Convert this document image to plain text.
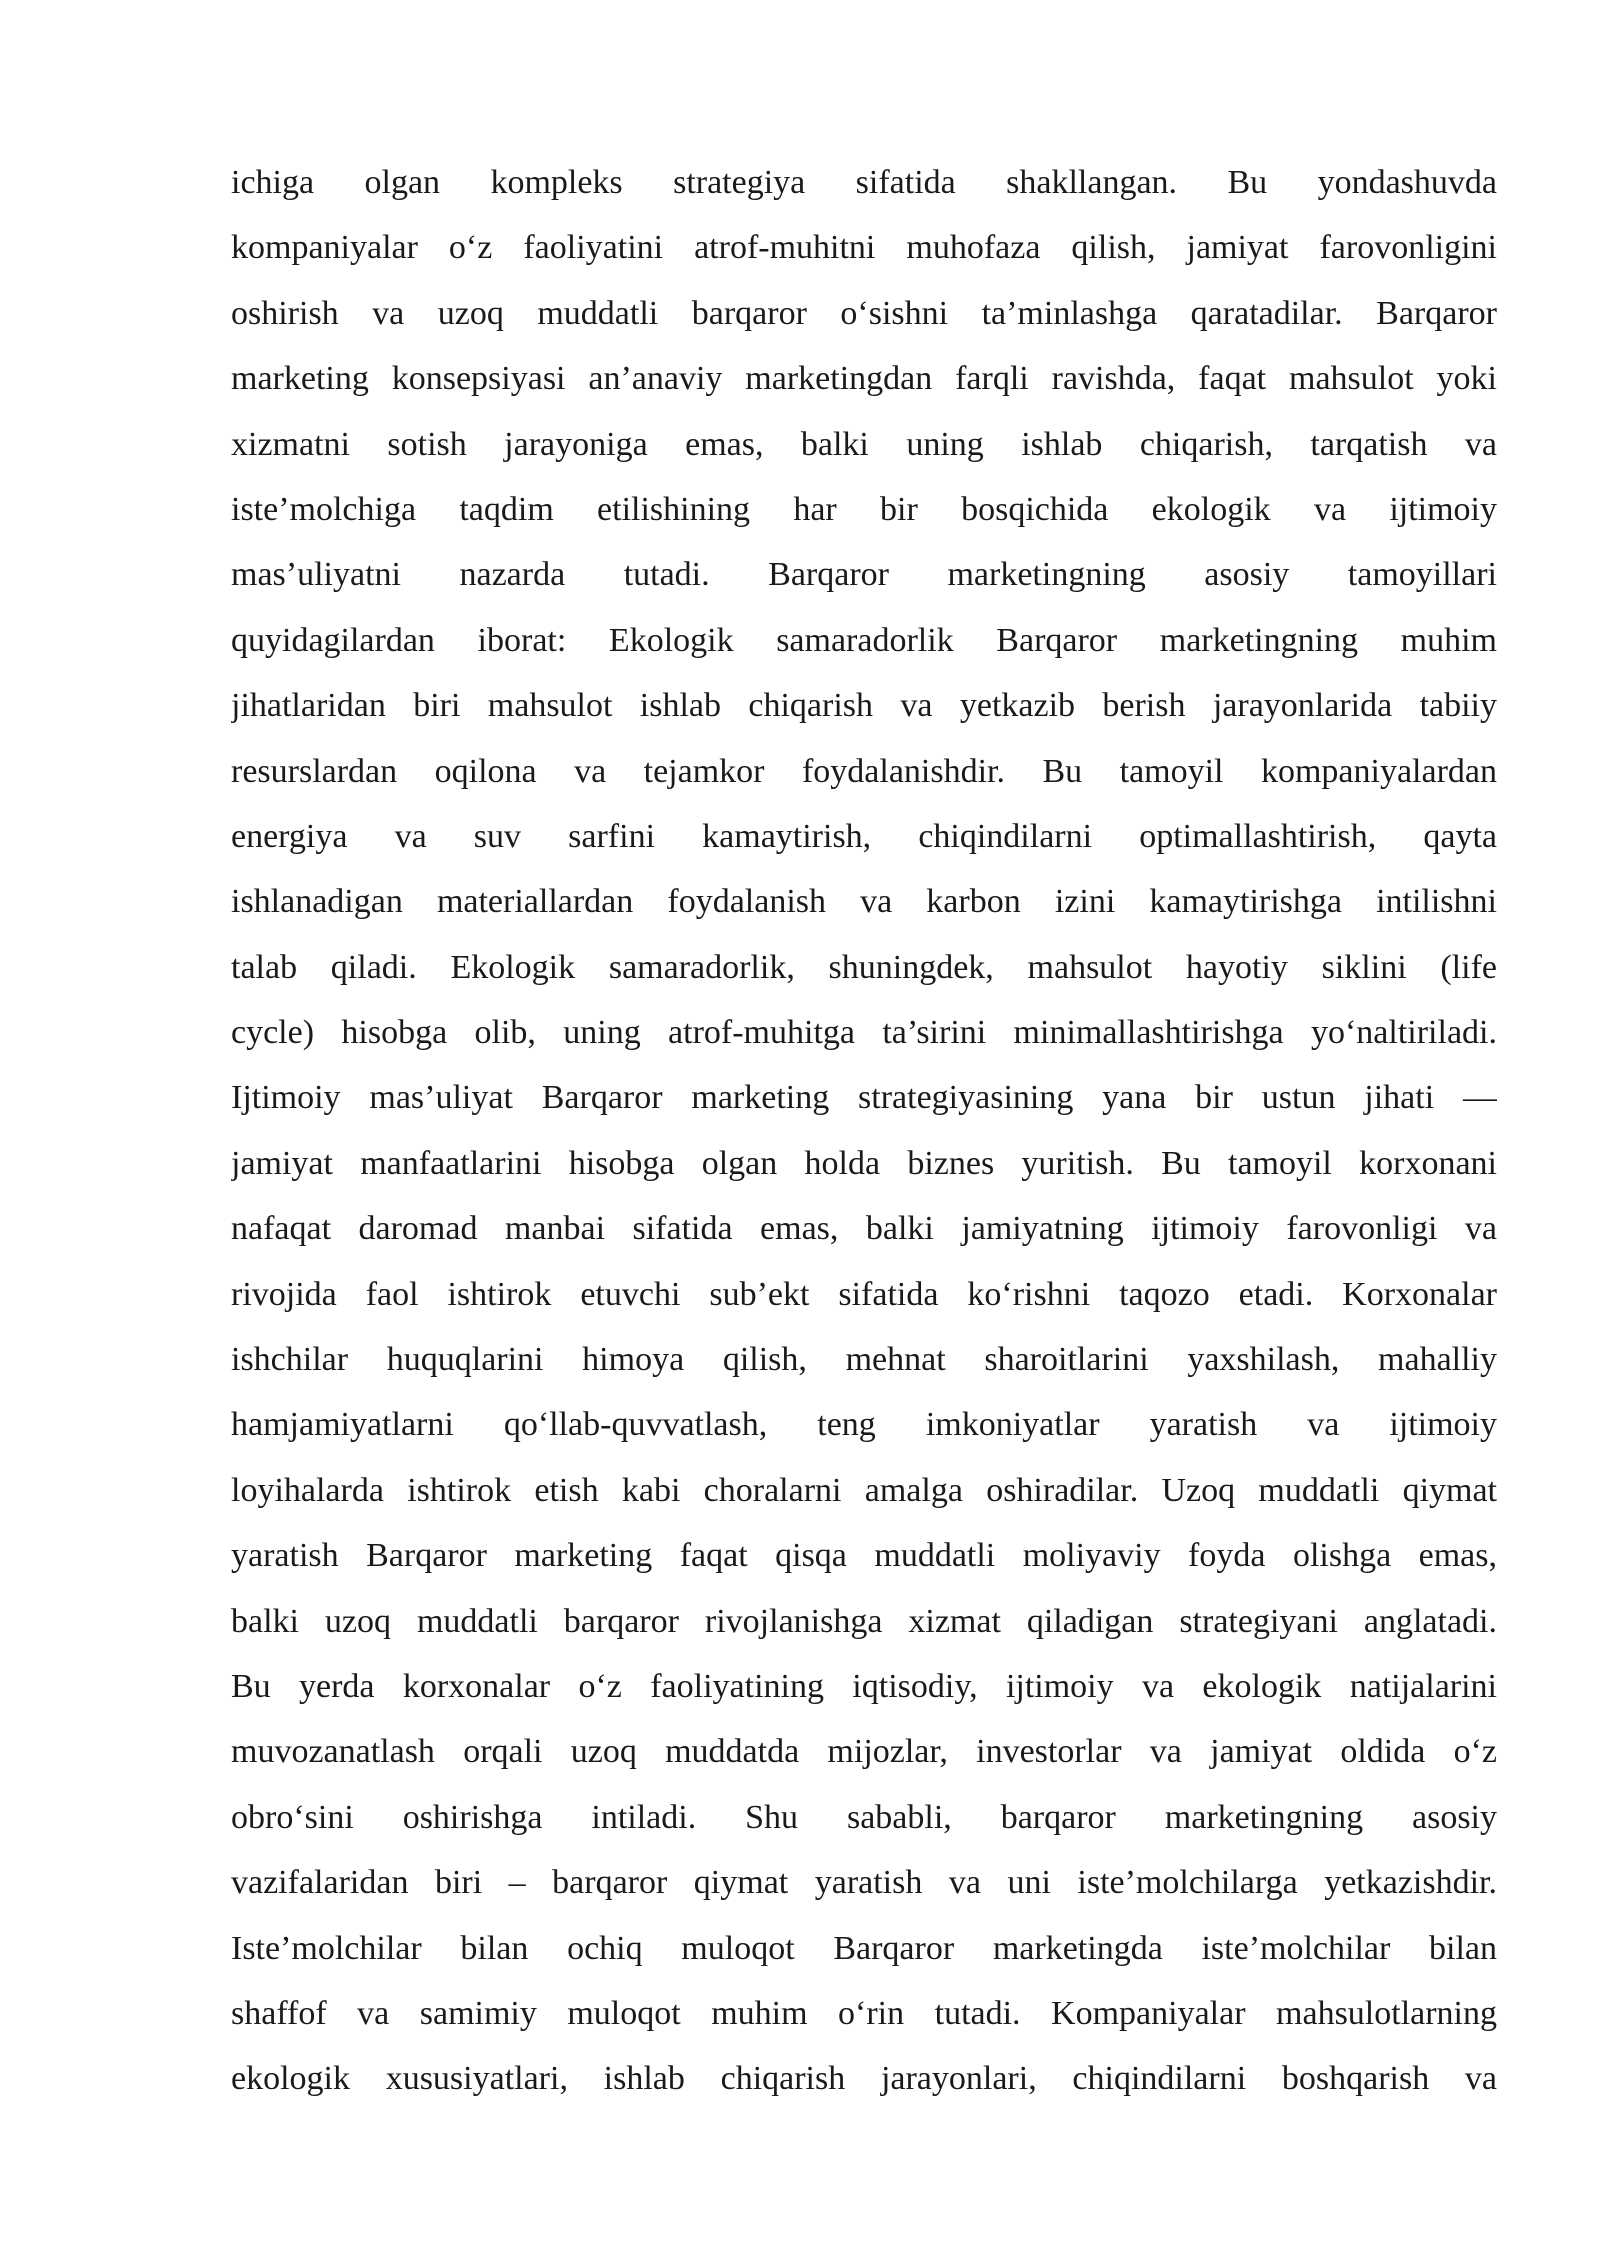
ichiga olgan kompleks strategiya sifatida shakllangan. Bu yondashuvda
kompaniyalar o‘z faoliyatini atrof-muhitni muhofaza qilish, jamiyat farovonligini
oshirish va uzoq muddatli barqaror o‘sishni ta’minlashga qaratadilar. Barqaror
marketing konsepsiyasi an’anaviy marketingdan farqli ravishda, faqat mahsulot yoki
xizmatni sotish jarayoniga emas, balki uning ishlab chiqarish, tarqatish va
iste’molchiga taqdim etilishining har bir bosqichida ekologik va ijtimoiy
mas’uliyatni nazarda tutadi. Barqaror marketingning asosiy tamoyillari
quyidagilardan iborat: Ekologik samaradorlik Barqaror marketingning muhim
jihatlaridan biri mahsulot ishlab chiqarish va yetkazib berish jarayonlarida tabiiy
resurslardan oqilona va tejamkor foydalanishdir. Bu tamoyil kompaniyalardan
energiya va suv sarfini kamaytirish, chiqindilarni optimallashtirish, qayta
ishlanadigan materiallardan foydalanish va karbon izini kamaytirishga intilishni
talab qiladi. Ekologik samaradorlik, shuningdek, mahsulot hayotiy siklini (life
cycle) hisobga olib, uning atrof-muhitga ta’sirini minimallashtirishga yo‘naltiriladi.
Ijtimoiy mas’uliyat Barqaror marketing strategiyasining yana bir ustun jihati —
jamiyat manfaatlarini hisobga olgan holda biznes yuritish. Bu tamoyil korxonani
nafaqat daromad manbai sifatida emas, balki jamiyatning ijtimoiy farovonligi va
rivojida faol ishtirok etuvchi sub’ekt sifatida ko‘rishni taqozo etadi. Korxonalar
ishchilar huquqlarini himoya qilish, mehnat sharoitlarini yaxshilash, mahalliy
hamjamiyatlarni qo‘llab-quvvatlash, teng imkoniyatlar yaratish va ijtimoiy
loyihalarda ishtirok etish kabi choralarni amalga oshiradilar. Uzoq muddatli qiymat
yaratish Barqaror marketing faqat qisqa muddatli moliyaviy foyda olishga emas,
balki uzoq muddatli barqaror rivojlanishga xizmat qiladigan strategiyani anglatadi.
Bu yerda korxonalar o‘z faoliyatining iqtisodiy, ijtimoiy va ekologik natijalarini
muvozanatlash orqali uzoq muddatda mijozlar, investorlar va jamiyat oldida o‘z
obro‘sini oshirishga intiladi. Shu sababli, barqaror marketingning asosiy
vazifalaridan biri – barqaror qiymat yaratish va uni iste’molchilarga yetkazishdir.
Iste’molchilar bilan ochiq muloqot Barqaror marketingda iste’molchilar bilan
shaffof va samimiy muloqot muhim o‘rin tutadi. Kompaniyalar mahsulotlarning
ekologik xususiyatlari, ishlab chiqarish jarayonlari, chiqindilarni boshqarish va
